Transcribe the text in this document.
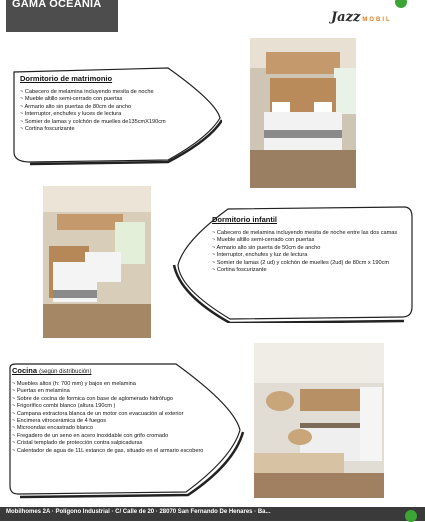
GAMA OCEANIA
Jazz MOBIL
Dormitorio de matrimonio
~ Cabecero de melamina incluyendo mesita de noche
~ Mueble altillo semi-cerrado con puertas
~ Armario alto sin puertas de 80cm de ancho
~ Interruptor, enchufes y luces de lectura
~ Somier de lamas y colchón de muelles de135cmX190cm
~ Cortina foscurizante
Dormitorio infantil
~ Cabecero de melamina incluyendo mesita de noche entre las dos camas
~ Mueble altillo semi-cerrado con puertas
~ Armario alto sin puerta de 50cm de ancho
~ Interruptor, enchufes y luz de lectura
~ Somier de lamas (2 ud) y colchón de muelles (2ud) de 80cm x 190cm
~ Cortina foscurizante
Cocina (según distribución)
~ Muebles altos (h: 700 mm) y bajos en melamina
~ Puertas en melamina
~ Sobre de cocina de formica con base de aglomerado hidrófugo
~ Frigorífico combi blanco (altura 190cm )
~ Campana extractora blanca de un motor con evacuación al exterior
~ Encimera vitrocerámica de 4 fuegos
~ Microondas encastrado blanco
~ Fregadero de un seno en acero inoxidable con grifo cromado
~ Cristal templado de protección contra salpicaduras
~ Calentador de agua de 11L estanco de gas, situado en el armario escobero
Mobilhomes 2A · Polígono Industrial · C/ Calle de 20 · 28070 San Fernando De Henares · Ba...
